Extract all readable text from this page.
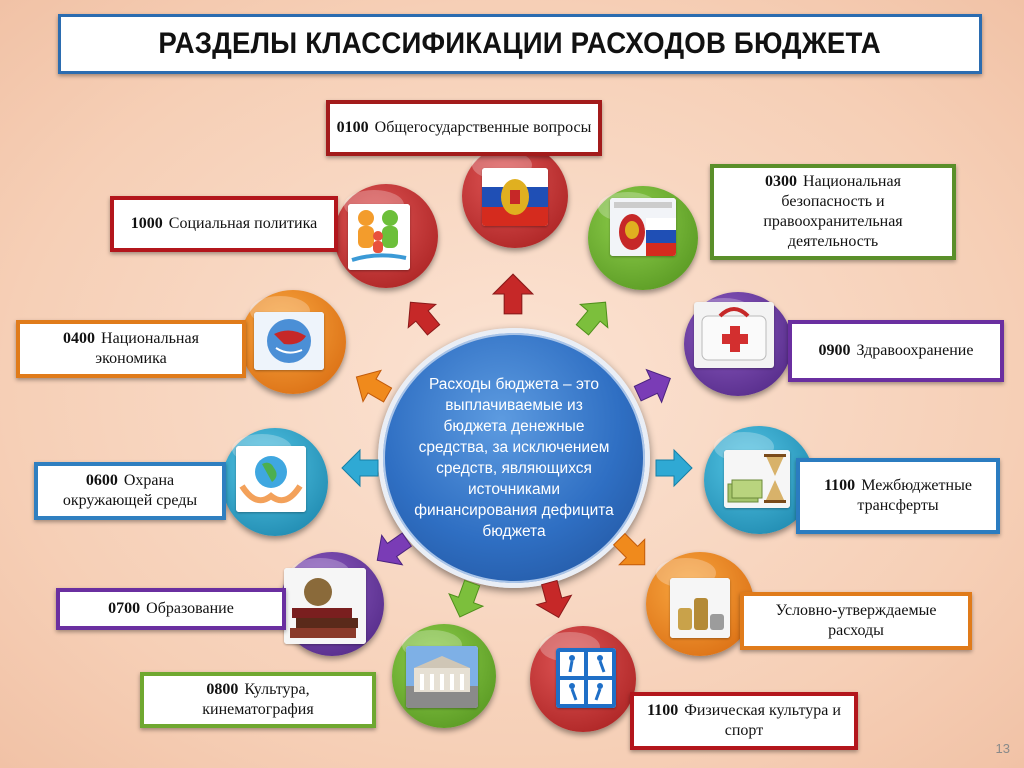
РАЗДЕЛЫ КЛАССИФИКАЦИИ РАСХОДОВ БЮДЖЕТА
Расходы бюджета – это выплачиваемые из бюджета денежные средства, за исключением средств, являющихся источниками финансирования дефицита бюджета
0100 Общегосударственные вопросы
0300 Национальная безопасность и правоохранительная деятельность
0900 Здравоохранение
1100 Межбюджетные трансферты
Условно-утверждаемые расходы
1100 Физическая культура и спорт
0800 Культура, кинематография
0700 Образование
0600 Охрана окружающей среды
0400 Национальная экономика
1000 Социальная политика
13
